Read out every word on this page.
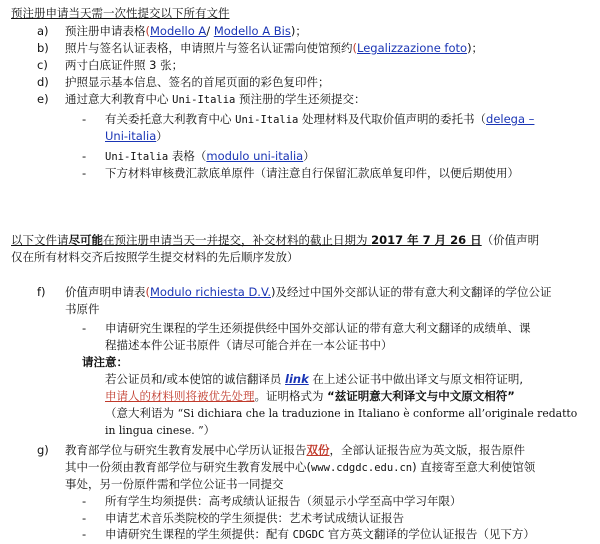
预注册申请当天需一次性提交以下所有文件
a) 预注册申请表格(Modello A/ Modello A Bis)；
b) 照片与签名认证表格，申请照片与签名认证需向使馆预约(Legalizzazione foto)；
c) 两寸白底证件照 3 张；
d) 护照显示基本信息、签名的首尾页面的彩色复印件；
e) 通过意大利教育中心 Uni-Italia 预注册的学生还须提交：
- 有关委托意大利教育中心 Uni-Italia 处理材料及代取价值声明的委托书（delega –
Uni-italia）
- Uni-Italia 表格（modulo uni-italia）
- 下方材料审核费汇款底单原件（请注意自行保留汇款底单复印件，以便后期使用）
以下文件请尽可能在预注册申请当天一并提交，补交材料的截止日期为 2017 年 7 月 26 日（价值声明
仅在所有材料交齐后按照学生提交材料的先后顺序发放）
f) 价值声明申请表(Modulo richiesta D.V.)及经过中国外交部认证的带有意大利文翻译的学位公证
书原件
- 申请研究生课程的学生还须提供经中国外交部认证的带有意大利文翻译的成绩单、课
程描述本件公证书原件（请尽可能合并在一本公证书中）
请注意：
若公证员和/或本使馆的诚信翻译员 link 在上述公证书中做出译文与原文相符证明,
申请人的材料则将被优先处理。证明格式为 “兹证明意大利译文与中文原文相符”
（意大利语为 “Si dichiara che la traduzione in Italiano è conforme all’originale redatto
in lingua cinese. ”）
g) 教育部学位与研究生教育发展中心学历认证报告双份，全部认证报告应为英文版，报告原件
其中一份须由教育部学位与研究生教育发展中心(www.cdgdc.edu.cn) 直接寄至意大利使馆领
事处，另一份原件需和学位公证书一同提交
- 所有学生均须提供：高考成绩认证报告（须显示小学至高中学习年限）
- 申请艺术音乐类院校的学生须提供：艺术考试成绩认证报告
- 申请研究生课程的学生须提供：配有 CDGDC 官方英文翻译的学位认证报告（见下方）
